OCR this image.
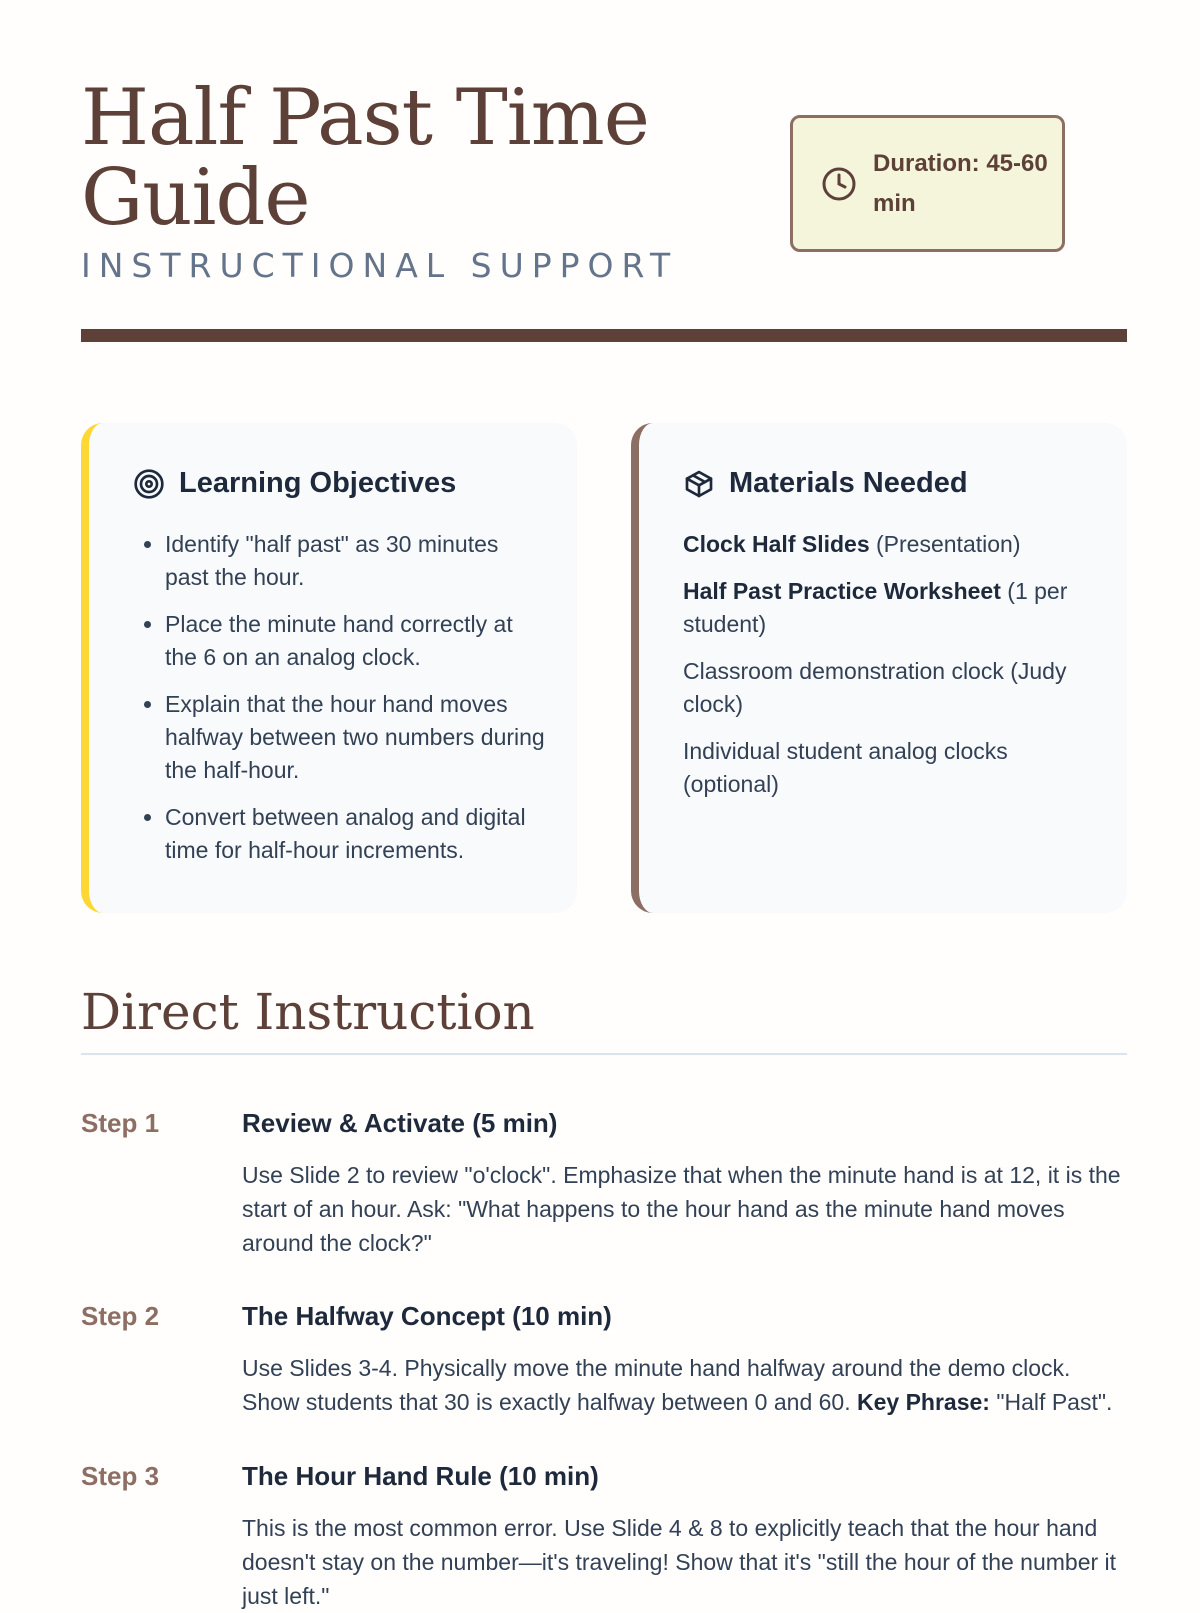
Half Past Time Guide
INSTRUCTIONAL SUPPORT
Duration: 45-60 min
Learning Objectives
• Identify "half past" as 30 minutes past the hour.
• Place the minute hand correctly at the 6 on an analog clock.
• Explain that the hour hand moves halfway between two numbers during the half-hour.
• Convert between analog and digital time for half-hour increments.
Materials Needed
Clock Half Slides (Presentation)
Half Past Practice Worksheet (1 per student)
Classroom demonstration clock (Judy clock)
Individual student analog clocks (optional)
Direct Instruction
Step 1	Review & Activate (5 min)
Use Slide 2 to review "o'clock". Emphasize that when the minute hand is at 12, it is the start of an hour. Ask: "What happens to the hour hand as the minute hand moves around the clock?"
Step 2	The Halfway Concept (10 min)
Use Slides 3-4. Physically move the minute hand halfway around the demo clock. Show students that 30 is exactly halfway between 0 and 60. Key Phrase: "Half Past".
Step 3	The Hour Hand Rule (10 min)
This is the most common error. Use Slide 4 & 8 to explicitly teach that the hour hand doesn't stay on the number—it's traveling! Show that it's "still the hour of the number it just left."
